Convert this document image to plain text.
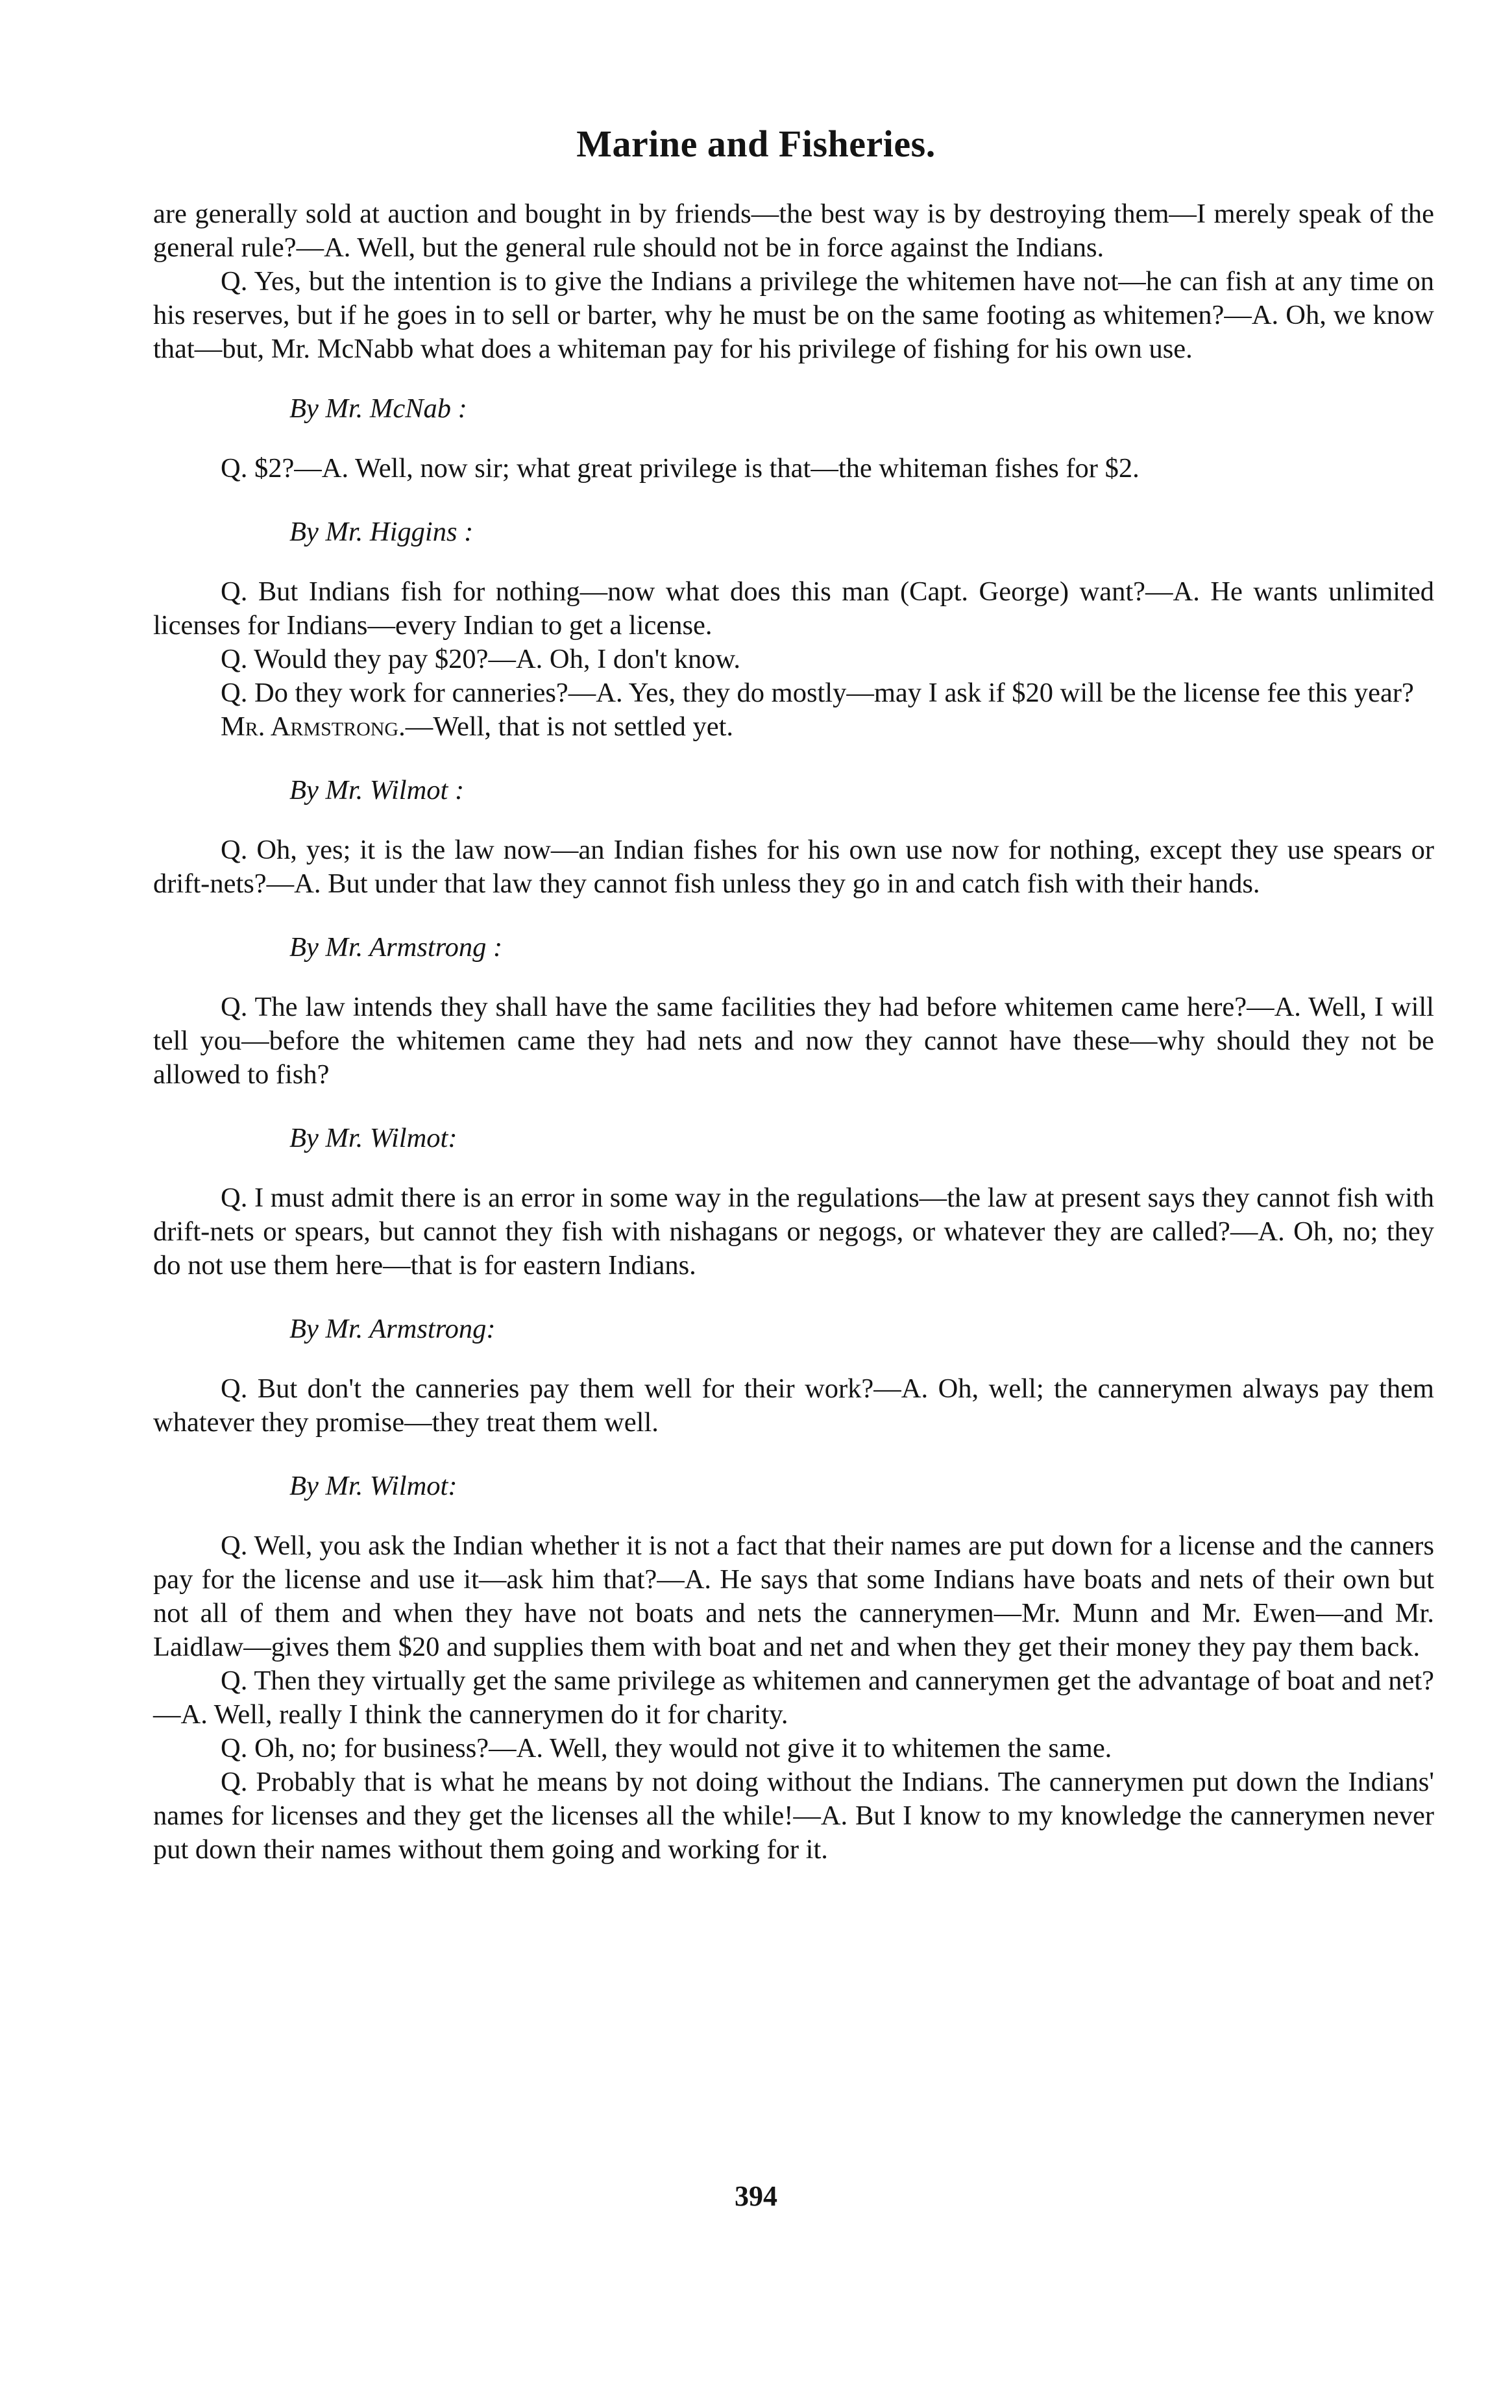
Marine and Fisheries.

are generally sold at auction and bought in by friends—the best way is by destroying them—I merely speak of the general rule?—A. Well, but the general rule should not be in force against the Indians.

Q. Yes, but the intention is to give the Indians a privilege the whitemen have not—he can fish at any time on his reserves, but if he goes in to sell or barter, why he must be on the same footing as whitemen?—A. Oh, we know that—but, Mr. McNabb what does a whiteman pay for his privilege of fishing for his own use.

By Mr. McNab :

Q. $2?—A. Well, now sir; what great privilege is that—the whiteman fishes for $2.

By Mr. Higgins :

Q. But Indians fish for nothing—now what does this man (Capt. George) want?—A. He wants unlimited licenses for Indians—every Indian to get a license.

Q. Would they pay $20?—A. Oh, I don't know.

Q. Do they work for canneries?—A. Yes, they do mostly—may I ask if $20 will be the license fee this year?

Mr. Armstrong.—Well, that is not settled yet.

By Mr. Wilmot :

Q. Oh, yes; it is the law now—an Indian fishes for his own use now for nothing, except they use spears or drift-nets?—A. But under that law they cannot fish unless they go in and catch fish with their hands.

By Mr. Armstrong :

Q. The law intends they shall have the same facilities they had before whitemen came here?—A. Well, I will tell you—before the whitemen came they had nets and now they cannot have these—why should they not be allowed to fish?

By Mr. Wilmot:

Q. I must admit there is an error in some way in the regulations—the law at present says they cannot fish with drift-nets or spears, but cannot they fish with nishagans or negogs, or whatever they are called?—A. Oh, no; they do not use them here—that is for eastern Indians.

By Mr. Armstrong:

Q. But don't the canneries pay them well for their work?—A. Oh, well; the cannerymen always pay them whatever they promise—they treat them well.

By Mr. Wilmot:

Q. Well, you ask the Indian whether it is not a fact that their names are put down for a license and the canners pay for the license and use it—ask him that?—A. He says that some Indians have boats and nets of their own but not all of them and when they have not boats and nets the cannerymen—Mr. Munn and Mr. Ewen—and Mr. Laidlaw—gives them $20 and supplies them with boat and net and when they get their money they pay them back.

Q. Then they virtually get the same privilege as whitemen and cannerymen get the advantage of boat and net?—A. Well, really I think the cannerymen do it for charity.

Q. Oh, no; for business?—A. Well, they would not give it to whitemen the same.

Q. Probably that is what he means by not doing without the Indians. The cannerymen put down the Indians' names for licenses and they get the licenses all the while!—A. But I know to my knowledge the cannerymen never put down their names without them going and working for it.

394
